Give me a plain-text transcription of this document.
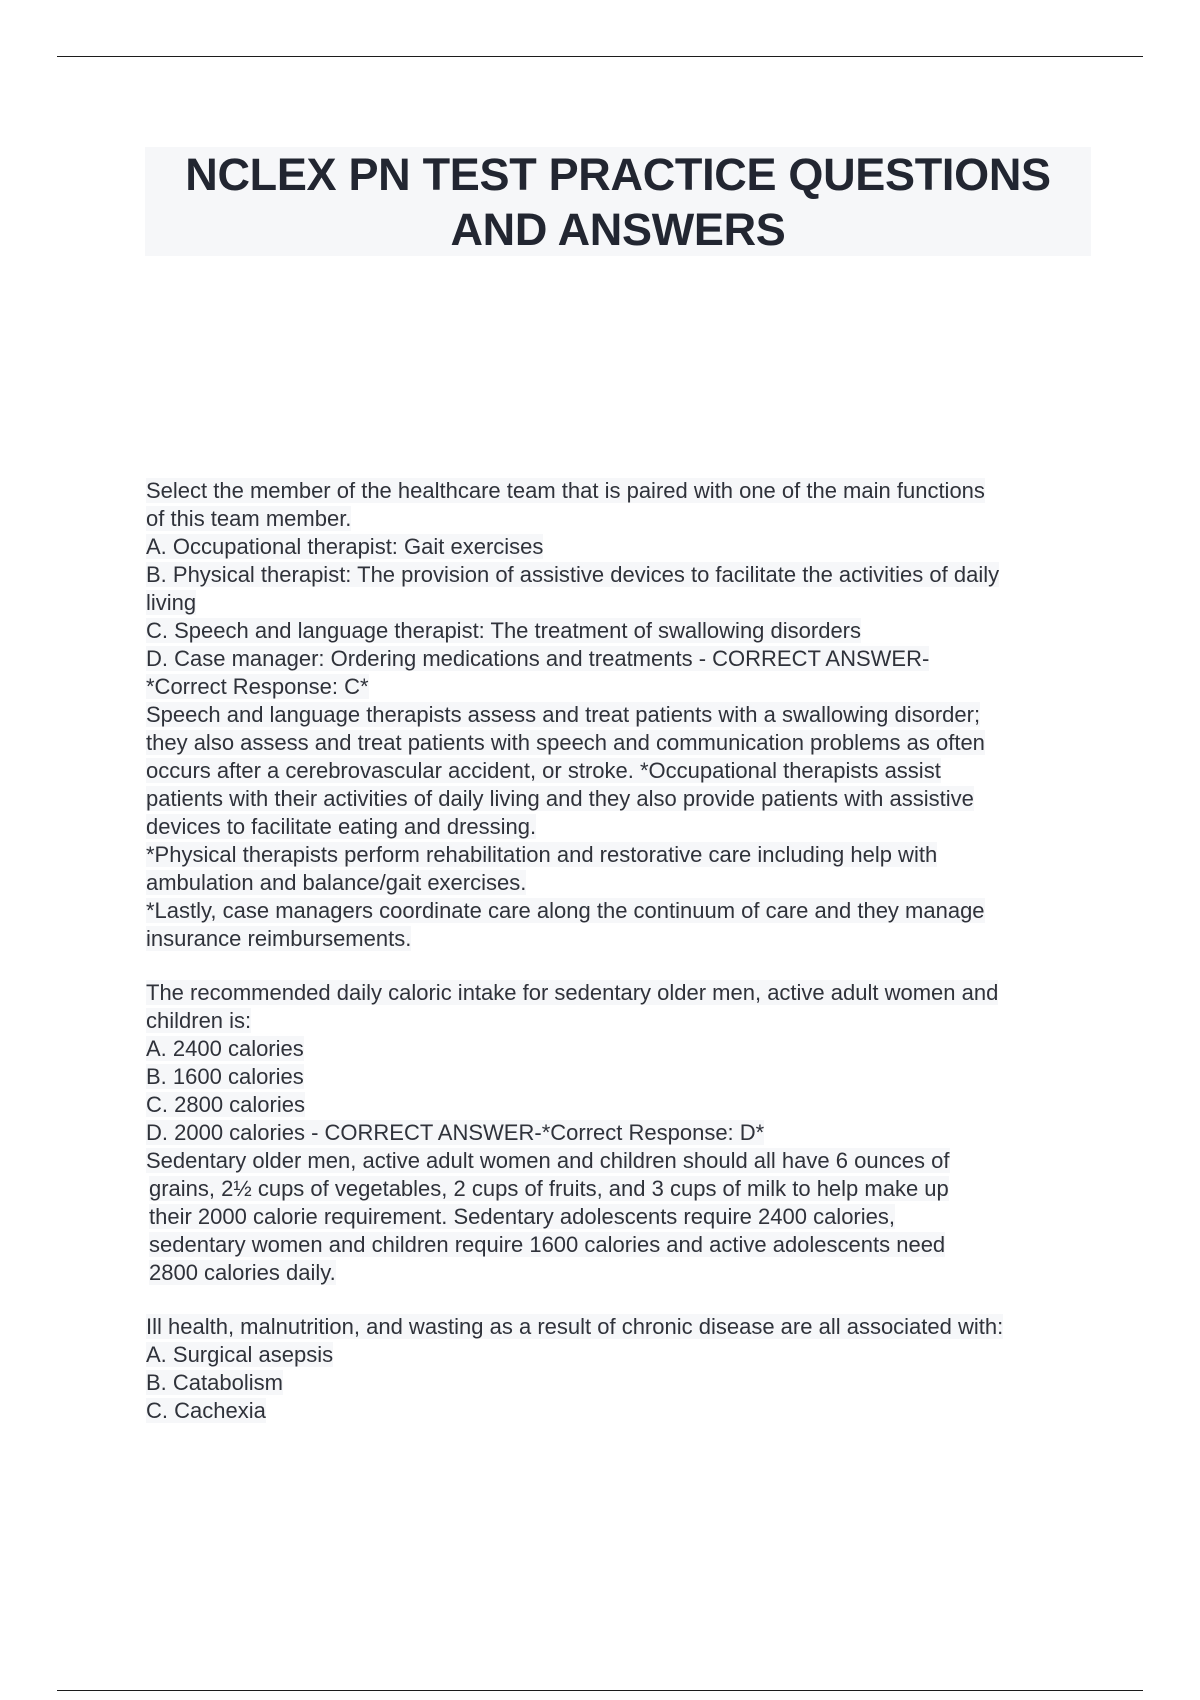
NCLEX PN TEST PRACTICE QUESTIONS AND ANSWERS

Select the member of the healthcare team that is paired with one of the main functions

of this team member.

A. Occupational therapist: Gait exercises

B. Physical therapist: The provision of assistive devices to facilitate the activities of daily

living

C. Speech and language therapist: The treatment of swallowing disorders

D. Case manager: Ordering medications and treatments - CORRECT ANSWER-

*Correct Response: C*

Speech and language therapists assess and treat patients with a swallowing disorder;

they also assess and treat patients with speech and communication problems as often

occurs after a cerebrovascular accident, or stroke. *Occupational therapists assist

patients with their activities of daily living and they also provide patients with assistive

devices to facilitate eating and dressing.

*Physical therapists perform rehabilitation and restorative care including help with

ambulation and balance/gait exercises.

*Lastly, case managers coordinate care along the continuum of care and they manage

insurance reimbursements.

The recommended daily caloric intake for sedentary older men, active adult women and

children is:

A. 2400 calories

B. 1600 calories

C. 2800 calories

D. 2000 calories - CORRECT ANSWER-*Correct Response: D*

Sedentary older men, active adult women and children should all have 6 ounces of

grains, 2½ cups of vegetables, 2 cups of fruits, and 3 cups of milk to help make up

their 2000 calorie requirement. Sedentary adolescents require 2400 calories,

sedentary women and children require 1600 calories and active adolescents need

2800 calories daily.

Ill health, malnutrition, and wasting as a result of chronic disease are all associated with:

A. Surgical asepsis

B. Catabolism

C. Cachexia
